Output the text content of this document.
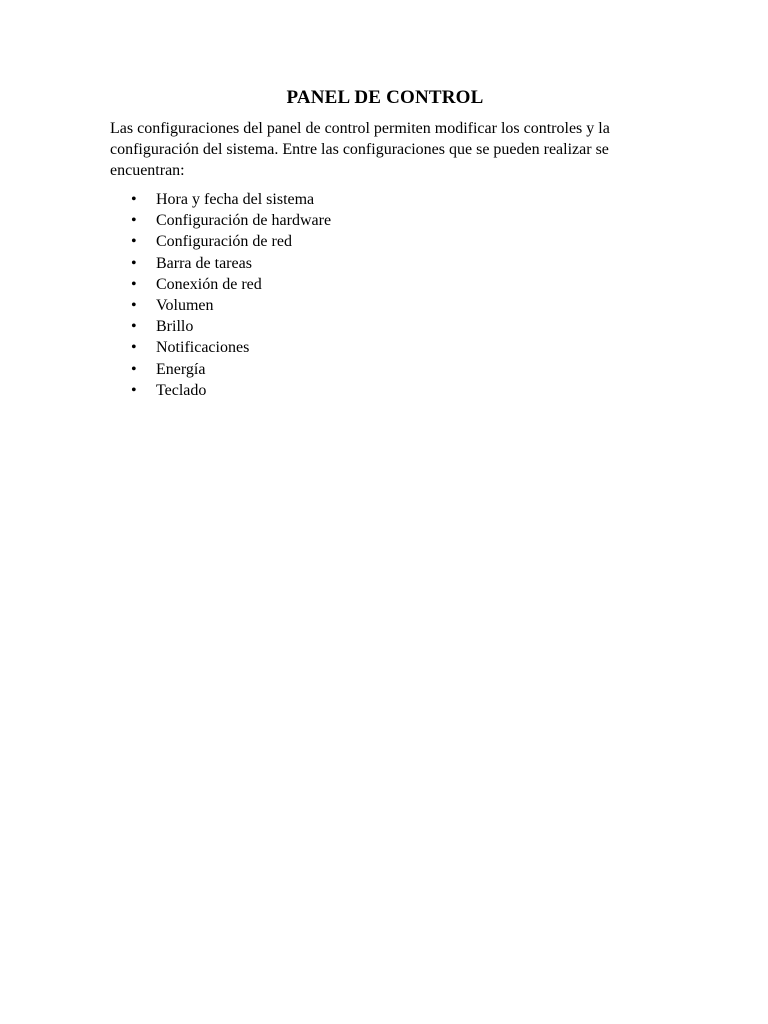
PANEL DE CONTROL

Las configuraciones del panel de control permiten modificar los controles y la configuración del sistema. Entre las configuraciones que se pueden realizar se encuentran:

• Hora y fecha del sistema
• Configuración de hardware
• Configuración de red
• Barra de tareas
• Conexión de red
• Volumen
• Brillo
• Notificaciones
• Energía
• Teclado
